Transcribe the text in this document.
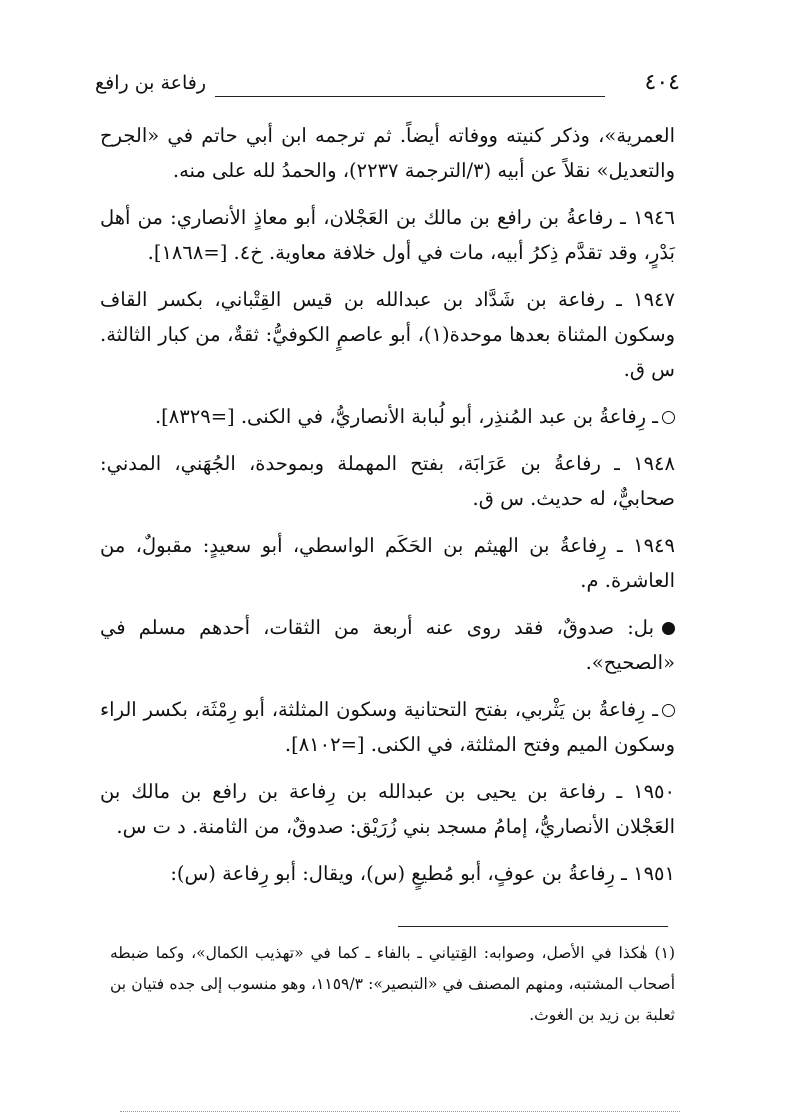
٤٠٤
رفاعة بن رافع

العمرية»، وذكر كنيته ووفاته أيضاً. ثم ترجمه ابن أبي حاتم في «الجرح والتعديل» نقلاً عن أبيه (٣/الترجمة ٢٢٣٧)، والحمدُ لله على منه.

١٩٤٦ ـ رفاعةُ بن رافع بن مالك بن العَجْلان، أبو معاذٍ الأنصاري: من أهل بَدْرٍ، وقد تقدَّم ذِكرُ أبيه، مات في أول خلافة معاوية. خ٤. [=١٨٦٨].

١٩٤٧ ـ رفاعة بن شَدَّاد بن عبدالله بن قيس القِتْباني، بكسر القاف وسكون المثناة بعدها موحدة(١)، أبو عاصمٍ الكوفيُّ: ثقةٌ، من كبار الثالثة. س ق.

ـ رِفاعةُ بن عبد المُنذِر، أبو لُبابة الأنصاريُّ، في الكنى. [=٨٣٢٩].

١٩٤٨ ـ رفاعةُ بن عَرَابَة، بفتح المهملة وبموحدة، الجُهَني، المدني: صحابيٌّ، له حديث. س ق.

١٩٤٩ ـ رِفاعةُ بن الهيثم بن الحَكَم الواسطي، أبو سعيدٍ: مقبولٌ، من العاشرة. م.

بل: صدوقٌ، فقد روى عنه أربعة من الثقات، أحدهم مسلم في «الصحيح».

ـ رِفاعةُ بن يَثْربي، بفتح التحتانية وسكون المثلثة، أبو رِمْثَة، بكسر الراء وسكون الميم وفتح المثلثة، في الكنى. [=٨١٠٢].

١٩٥٠ ـ رفاعة بن يحيى بن عبدالله بن رِفاعة بن رافع بن مالك بن العَجْلان الأنصاريُّ، إمامُ مسجد بني زُرَيْق: صدوقٌ، من الثامنة. د ت س.

١٩٥١ ـ رِفاعةُ بن عوفٍ، أبو مُطيعٍ (س)، ويقال: أبو رِفاعة (س):

(١) هٰكذا في الأصل، وصوابه: القِتياني ـ بالفاء ـ كما في «تهذيب الكمال»، وكما ضبطه أصحاب المشتبه، ومنهم المصنف في «التبصير»: ١١٥٩/٣، وهو منسوب إلى جده فتيان بن ثعلبة بن زيد بن الغوث.
